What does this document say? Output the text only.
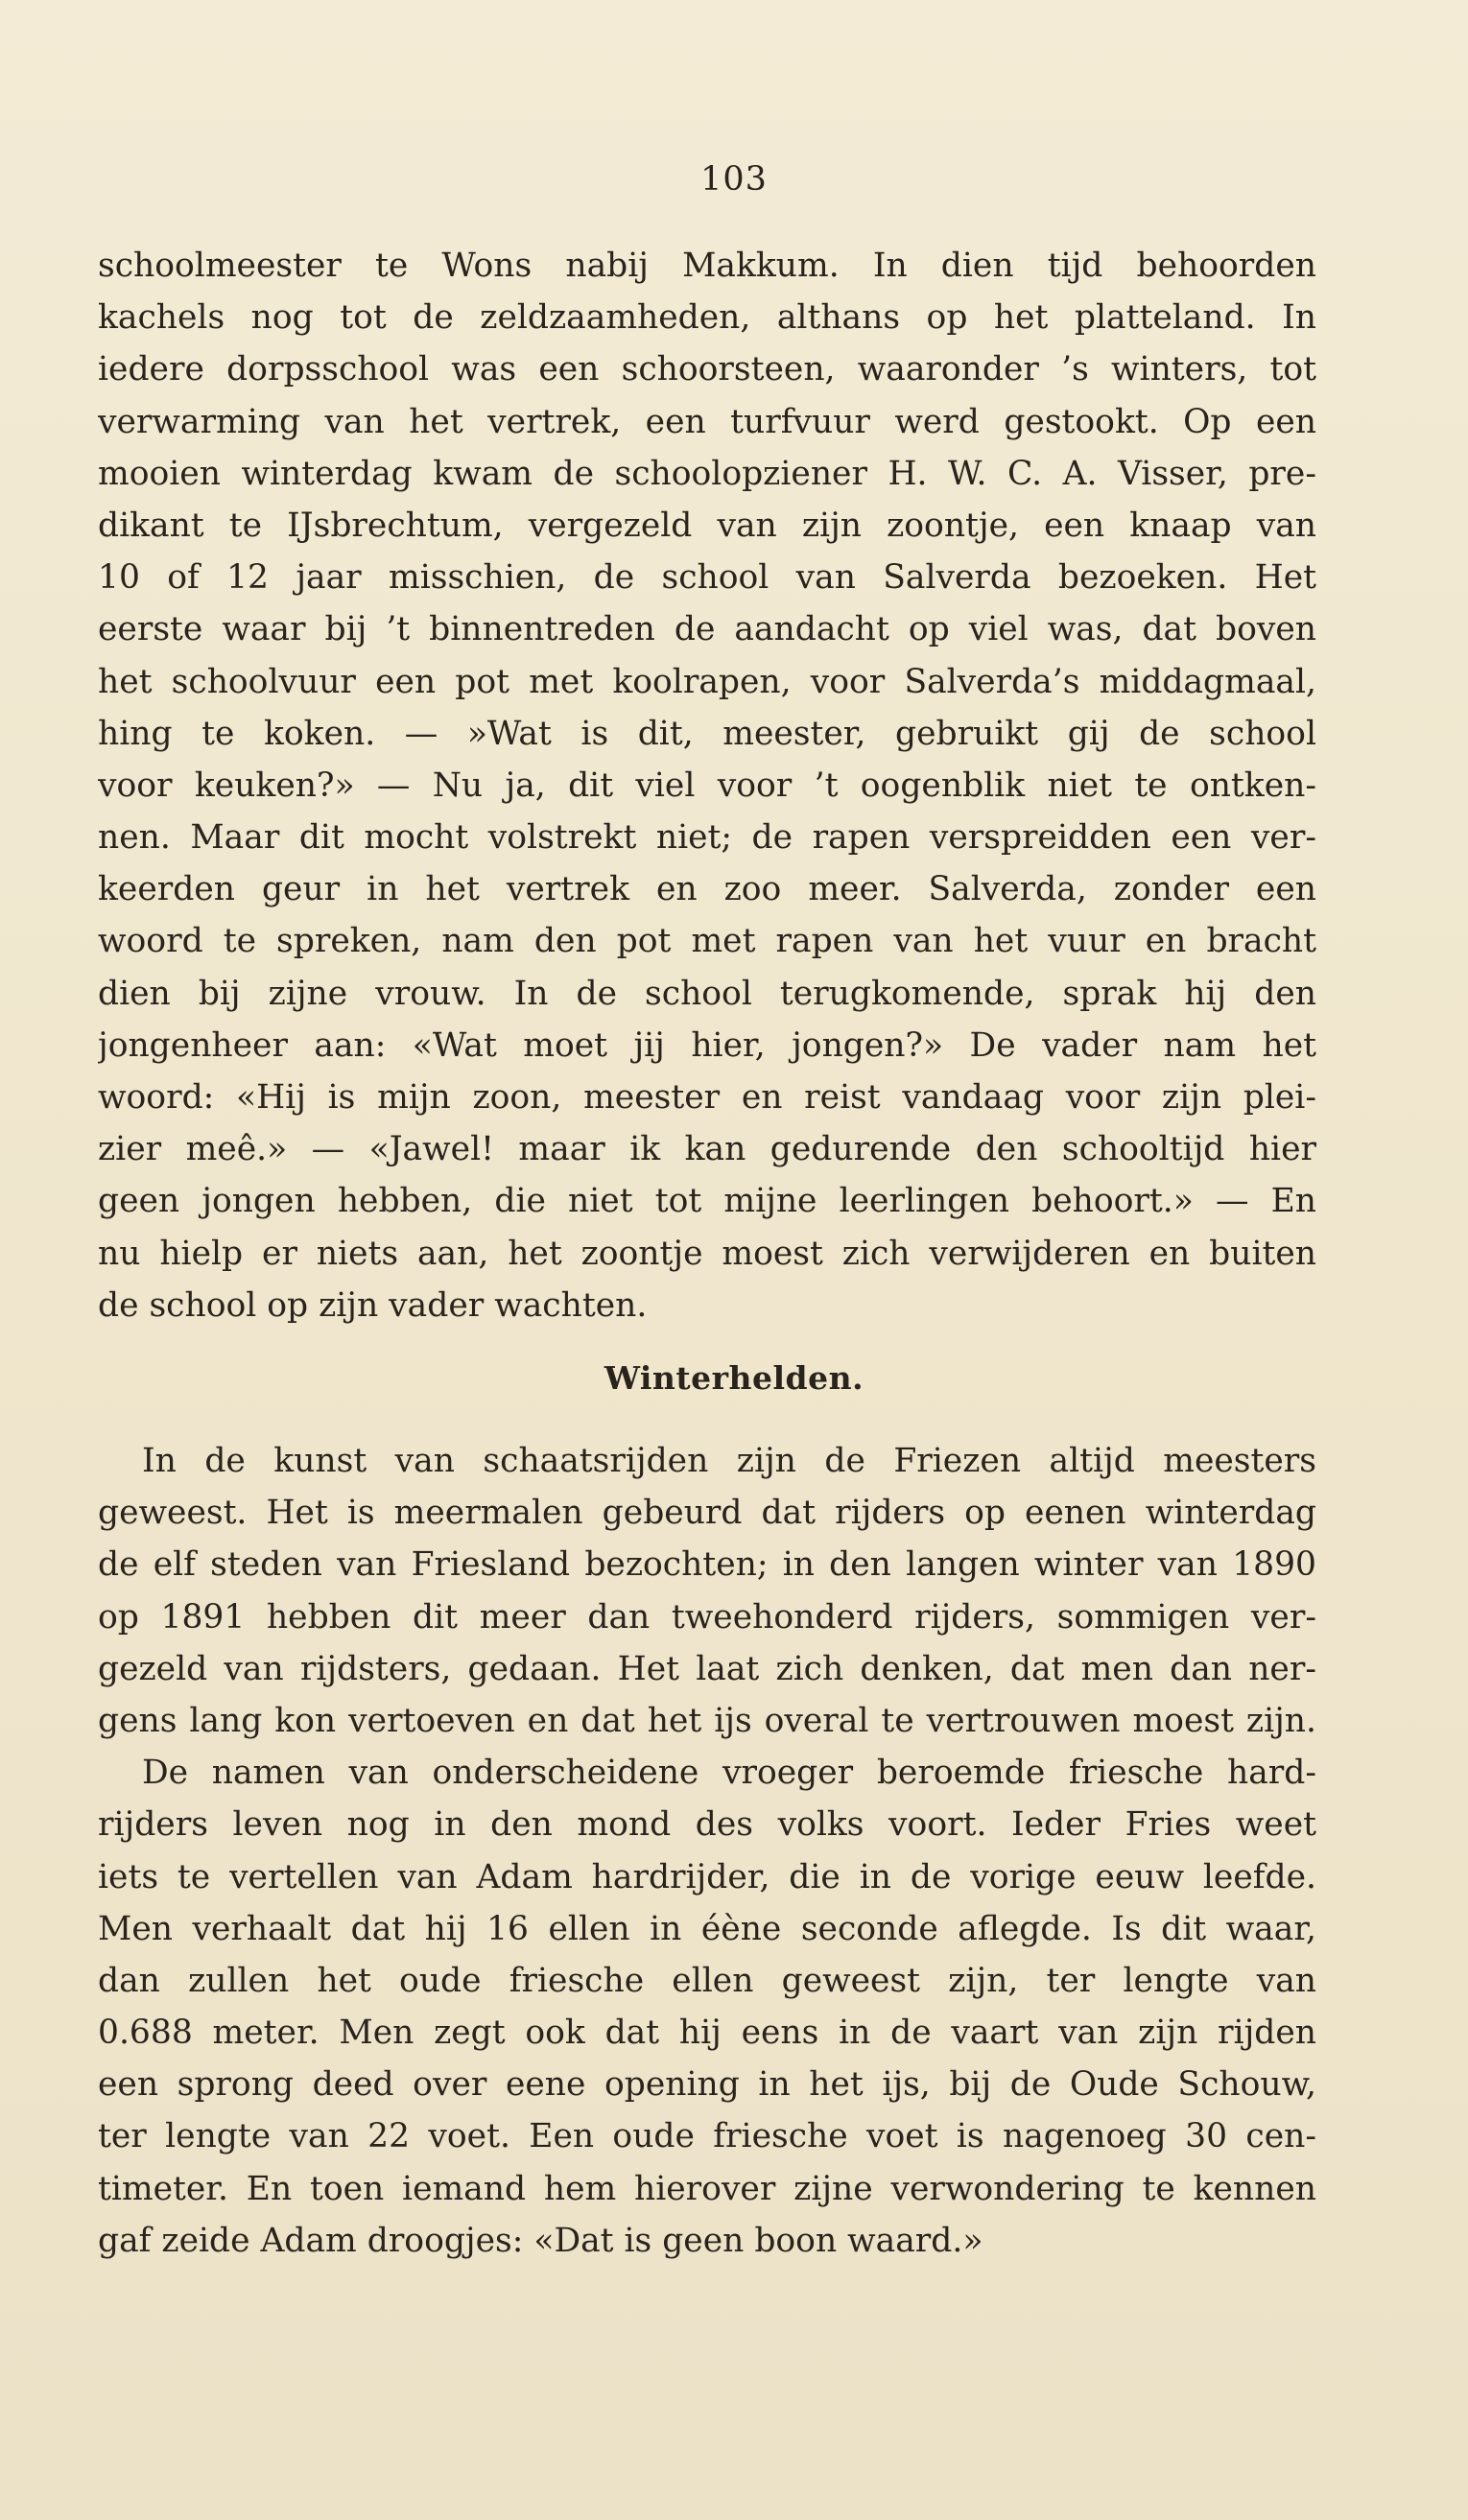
103
schoolmeester te Wons nabij Makkum. In dien tijd behoorden
kachels nog tot de zeldzaamheden, althans op het platteland. In
iedere dorpsschool was een schoorsteen, waaronder ’s winters, tot
verwarming van het vertrek, een turfvuur werd gestookt. Op een
mooien winterdag kwam de schoolopziener H. W. C. A. Visser, pre-
dikant te IJsbrechtum, vergezeld van zijn zoontje, een knaap van
10 of 12 jaar misschien, de school van Salverda bezoeken. Het
eerste waar bij ’t binnentreden de aandacht op viel was, dat boven
het schoolvuur een pot met koolrapen, voor Salverda’s middagmaal,
hing te koken. — »Wat is dit, meester, gebruikt gij de school
voor keuken?» — Nu ja, dit viel voor ’t oogenblik niet te ontken-
nen. Maar dit mocht volstrekt niet; de rapen verspreidden een ver-
keerden geur in het vertrek en zoo meer. Salverda, zonder een
woord te spreken, nam den pot met rapen van het vuur en bracht
dien bij zijne vrouw. In de school terugkomende, sprak hij den
jongenheer aan: «Wat moet jij hier, jongen?» De vader nam het
woord: «Hij is mijn zoon, meester en reist vandaag voor zijn plei-
zier meê.» — «Jawel! maar ik kan gedurende den schooltijd hier
geen jongen hebben, die niet tot mijne leerlingen behoort.» — En
nu hielp er niets aan, het zoontje moest zich verwijderen en buiten
de school op zijn vader wachten.
Winterhelden.
In de kunst van schaatsrijden zijn de Friezen altijd meesters
geweest. Het is meermalen gebeurd dat rijders op eenen winterdag
de elf steden van Friesland bezochten; in den langen winter van 1890
op 1891 hebben dit meer dan tweehonderd rijders, sommigen ver-
gezeld van rijdsters, gedaan. Het laat zich denken, dat men dan ner-
gens lang kon vertoeven en dat het ijs overal te vertrouwen moest zijn.
De namen van onderscheidene vroeger beroemde friesche hard-
rijders leven nog in den mond des volks voort. Ieder Fries weet
iets te vertellen van Adam hardrijder, die in de vorige eeuw leefde.
Men verhaalt dat hij 16 ellen in éène seconde aflegde. Is dit waar,
dan zullen het oude friesche ellen geweest zijn, ter lengte van
0.688 meter. Men zegt ook dat hij eens in de vaart van zijn rijden
een sprong deed over eene opening in het ijs, bij de Oude Schouw,
ter lengte van 22 voet. Een oude friesche voet is nagenoeg 30 cen-
timeter. En toen iemand hem hierover zijne verwondering te kennen
gaf zeide Adam droogjes: «Dat is geen boon waard.»
